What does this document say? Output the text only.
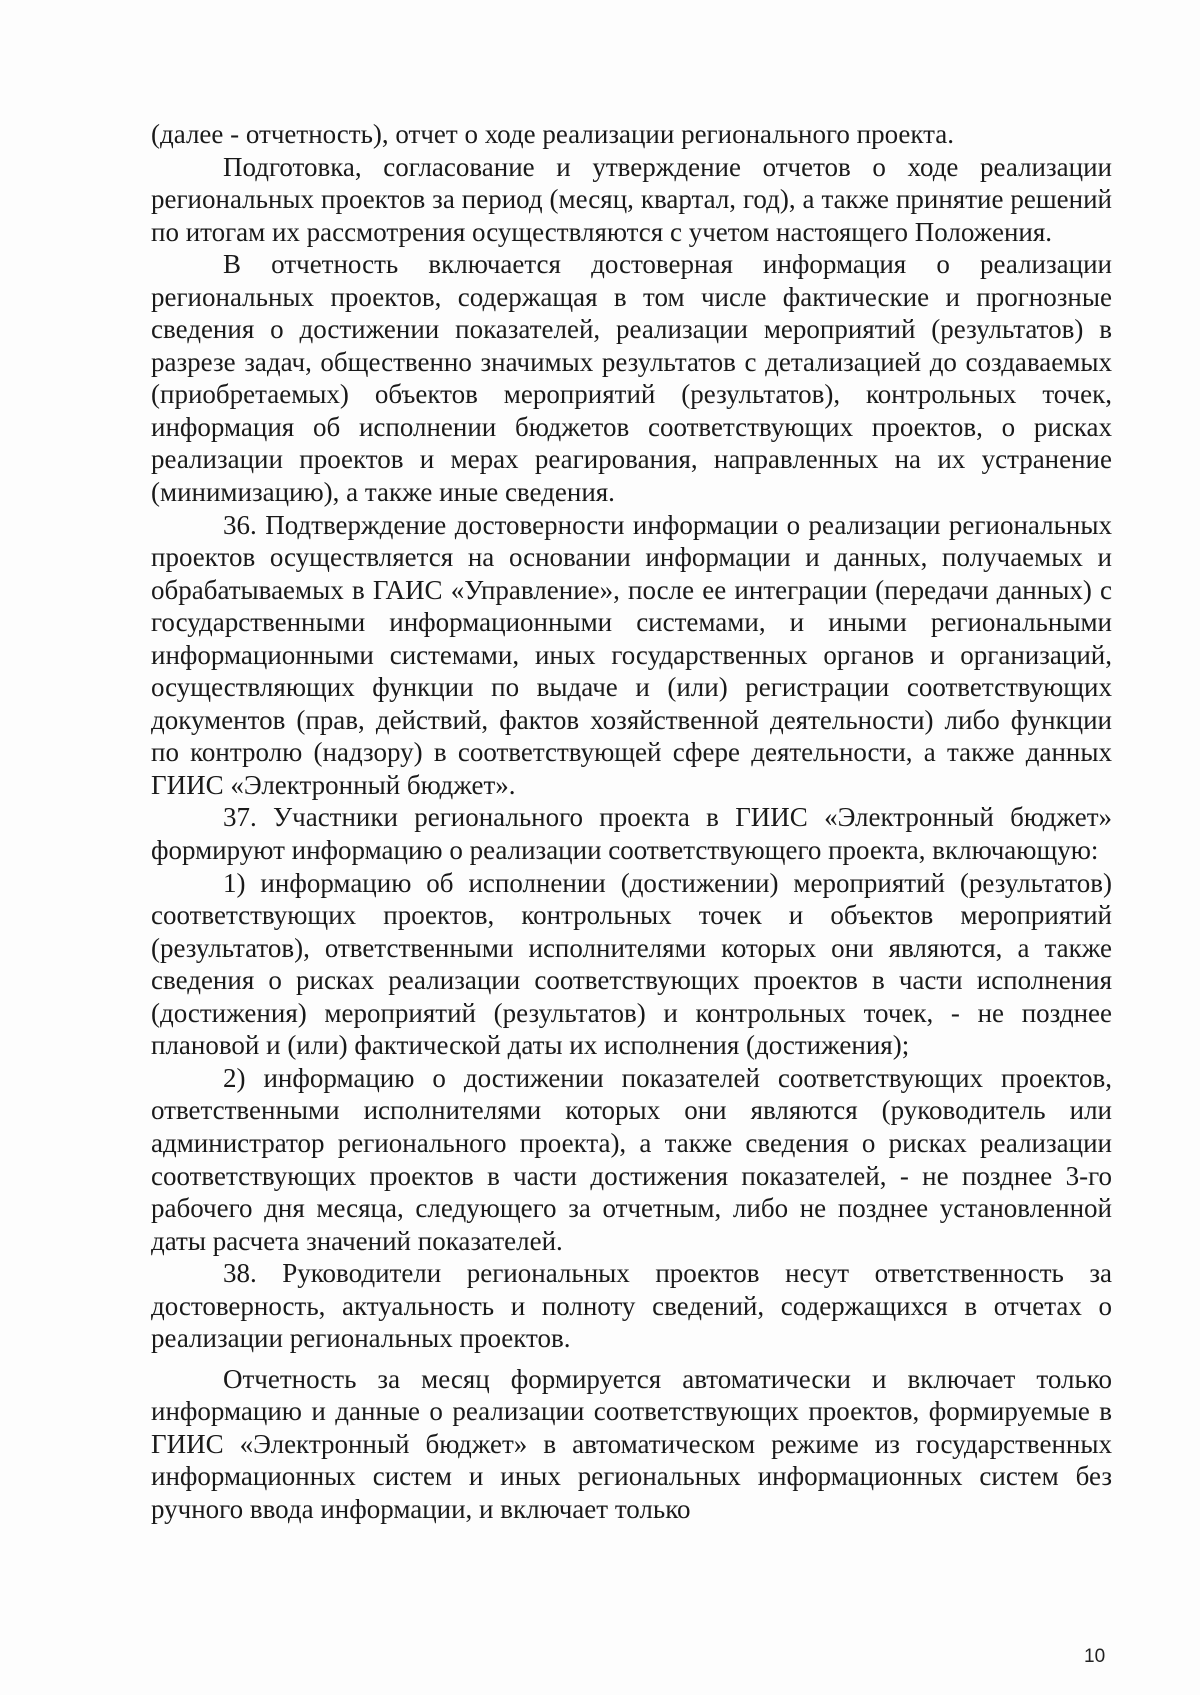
(далее - отчетность), отчет о ходе реализации регионального проекта.

Подготовка, согласование и утверждение отчетов о ходе реализации региональных проектов за период (месяц, квартал, год), а также принятие решений по итогам их рассмотрения осуществляются с учетом настоящего Положения.

В отчетность включается достоверная информация о реализации региональных проектов, содержащая в том числе фактические и прогнозные сведения о достижении показателей, реализации мероприятий (результатов) в разрезе задач, общественно значимых результатов с детализацией до создаваемых (приобретаемых) объектов мероприятий (результатов), контрольных точек, информация об исполнении бюджетов соответствующих проектов, о рисках реализации проектов и мерах реагирования, направленных на их устранение (минимизацию), а также иные сведения.

36. Подтверждение достоверности информации о реализации региональных проектов осуществляется на основании информации и данных, получаемых и обрабатываемых в ГАИС «Управление», после ее интеграции (передачи данных) с государственными информационными системами, и иными региональными информационными системами, иных государственных органов и организаций, осуществляющих функции по выдаче и (или) регистрации соответствующих документов (прав, действий, фактов хозяйственной деятельности) либо функции по контролю (надзору) в соответствующей сфере деятельности, а также данных ГИИС «Электронный бюджет».

37. Участники регионального проекта в ГИИС «Электронный бюджет» формируют информацию о реализации соответствующего проекта, включающую:

1) информацию об исполнении (достижении) мероприятий (результатов) соответствующих проектов, контрольных точек и объектов мероприятий (результатов), ответственными исполнителями которых они являются, а также сведения о рисках реализации соответствующих проектов в части исполнения (достижения) мероприятий (результатов) и контрольных точек, - не позднее плановой и (или) фактической даты их исполнения (достижения);

2) информацию о достижении показателей соответствующих проектов, ответственными исполнителями которых они являются (руководитель или администратор регионального проекта), а также сведения о рисках реализации соответствующих проектов в части достижения показателей, - не позднее 3-го рабочего дня месяца, следующего за отчетным, либо не позднее установленной даты расчета значений показателей.

38. Руководители региональных проектов несут ответственность за достоверность, актуальность и полноту сведений, содержащихся в отчетах о реализации региональных проектов.

Отчетность за месяц формируется автоматически и включает только информацию и данные о реализации соответствующих проектов, формируемые в ГИИС «Электронный бюджет» в автоматическом режиме из государственных информационных систем и иных региональных информационных систем без ручного ввода информации, и включает только

10
